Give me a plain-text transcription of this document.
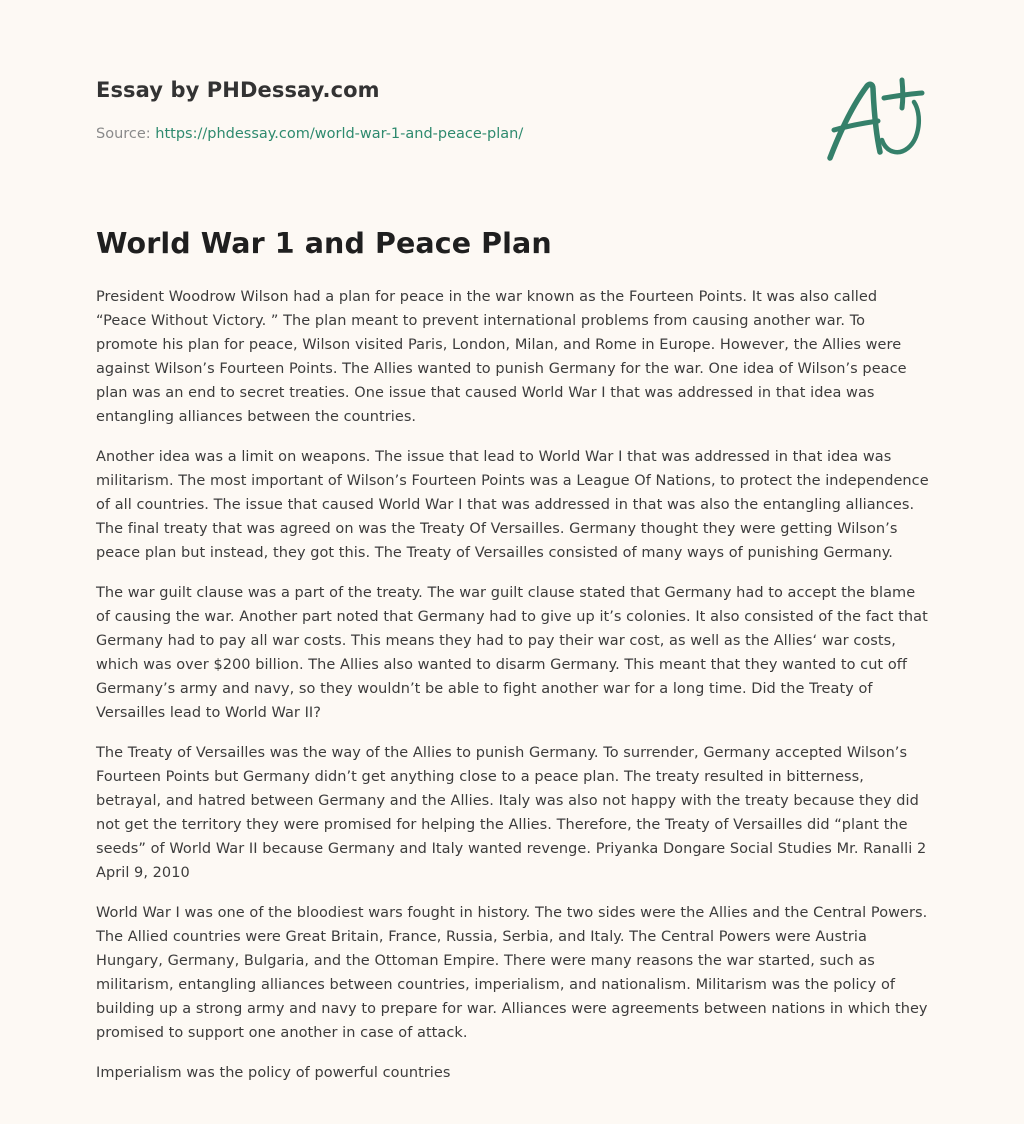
Essay by PHDessay.com
Source: https://phdessay.com/world-war-1-and-peace-plan/
World War 1 and Peace Plan

President Woodrow Wilson had a plan for peace in the war known as the Fourteen Points. It was also called “Peace Without Victory. ” The plan meant to prevent international problems from causing another war. To promote his plan for peace, Wilson visited Paris, London, Milan, and Rome in Europe. However, the Allies were against Wilson’s Fourteen Points. The Allies wanted to punish Germany for the war. One idea of Wilson’s peace plan was an end to secret treaties. One issue that caused World War I that was addressed in that idea was entangling alliances between the countries.

Another idea was a limit on weapons. The issue that lead to World War I that was addressed in that idea was militarism. The most important of Wilson’s Fourteen Points was a League Of Nations, to protect the independence of all countries. The issue that caused World War I that was addressed in that was also the entangling alliances. The final treaty that was agreed on was the Treaty Of Versailles. Germany thought they were getting Wilson’s peace plan but instead, they got this. The Treaty of Versailles consisted of many ways of punishing Germany.

The war guilt clause was a part of the treaty. The war guilt clause stated that Germany had to accept the blame of causing the war. Another part noted that Germany had to give up it’s colonies. It also consisted of the fact that Germany had to pay all war costs. This means they had to pay their war cost, as well as the Allies‘ war costs, which was over $200 billion. The Allies also wanted to disarm Germany. This meant that they wanted to cut off Germany’s army and navy, so they wouldn’t be able to fight another war for a long time. Did the Treaty of Versailles lead to World War II?

The Treaty of Versailles was the way of the Allies to punish Germany. To surrender, Germany accepted Wilson’s Fourteen Points but Germany didn’t get anything close to a peace plan. The treaty resulted in bitterness, betrayal, and hatred between Germany and the Allies. Italy was also not happy with the treaty because they did not get the territory they were promised for helping the Allies. Therefore, the Treaty of Versailles did “plant the seeds” of World War II because Germany and Italy wanted revenge. Priyanka Dongare Social Studies Mr. Ranalli 2 April 9, 2010

World War I was one of the bloodiest wars fought in history. The two sides were the Allies and the Central Powers. The Allied countries were Great Britain, France, Russia, Serbia, and Italy. The Central Powers were Austria Hungary, Germany, Bulgaria, and the Ottoman Empire. There were many reasons the war started, such as militarism, entangling alliances between countries, imperialism, and nationalism. Militarism was the policy of building up a strong army and navy to prepare for war. Alliances were agreements between nations in which they promised to support one another in case of attack.

Imperialism was the policy of powerful countries
